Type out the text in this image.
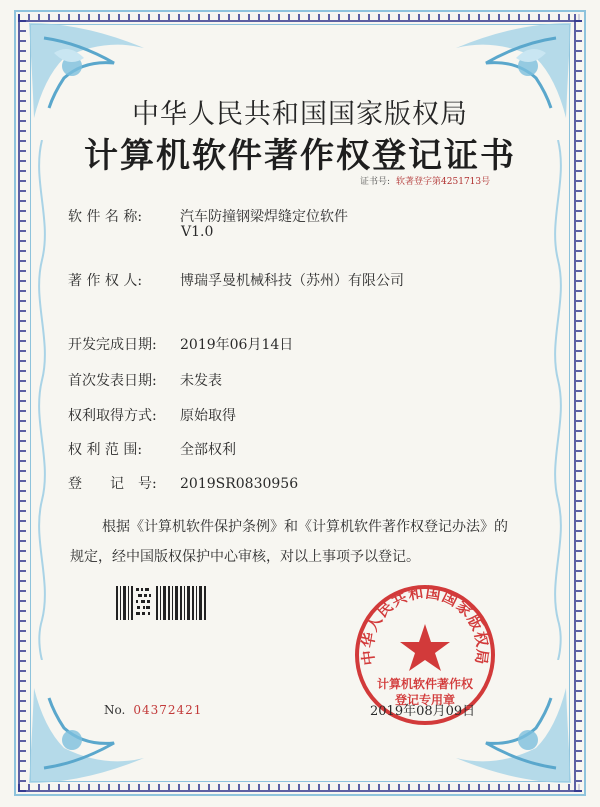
中华人民共和国国家版权局
计算机软件著作权登记证书
证书号: 软著登字第4251713号
软 件 名 称:	汽车防撞钢梁焊缝定位软件
V1.0
著 作 权 人:	博瑞孚曼机械科技（苏州）有限公司
开发完成日期: 2019年06月14日
首次发表日期: 未发表
权利取得方式: 原始取得
权 利 范 围:	全部权利
登　　记　号: 2019SR0830956
根据《计算机软件保护条例》和《计算机软件著作权登记办法》的
规定，经中国版权保护中心审核，对以上事项予以登记。
No. 04372421
中华人民共和国国家版权局
计算机软件著作权
登记专用章
2019年08月09日
